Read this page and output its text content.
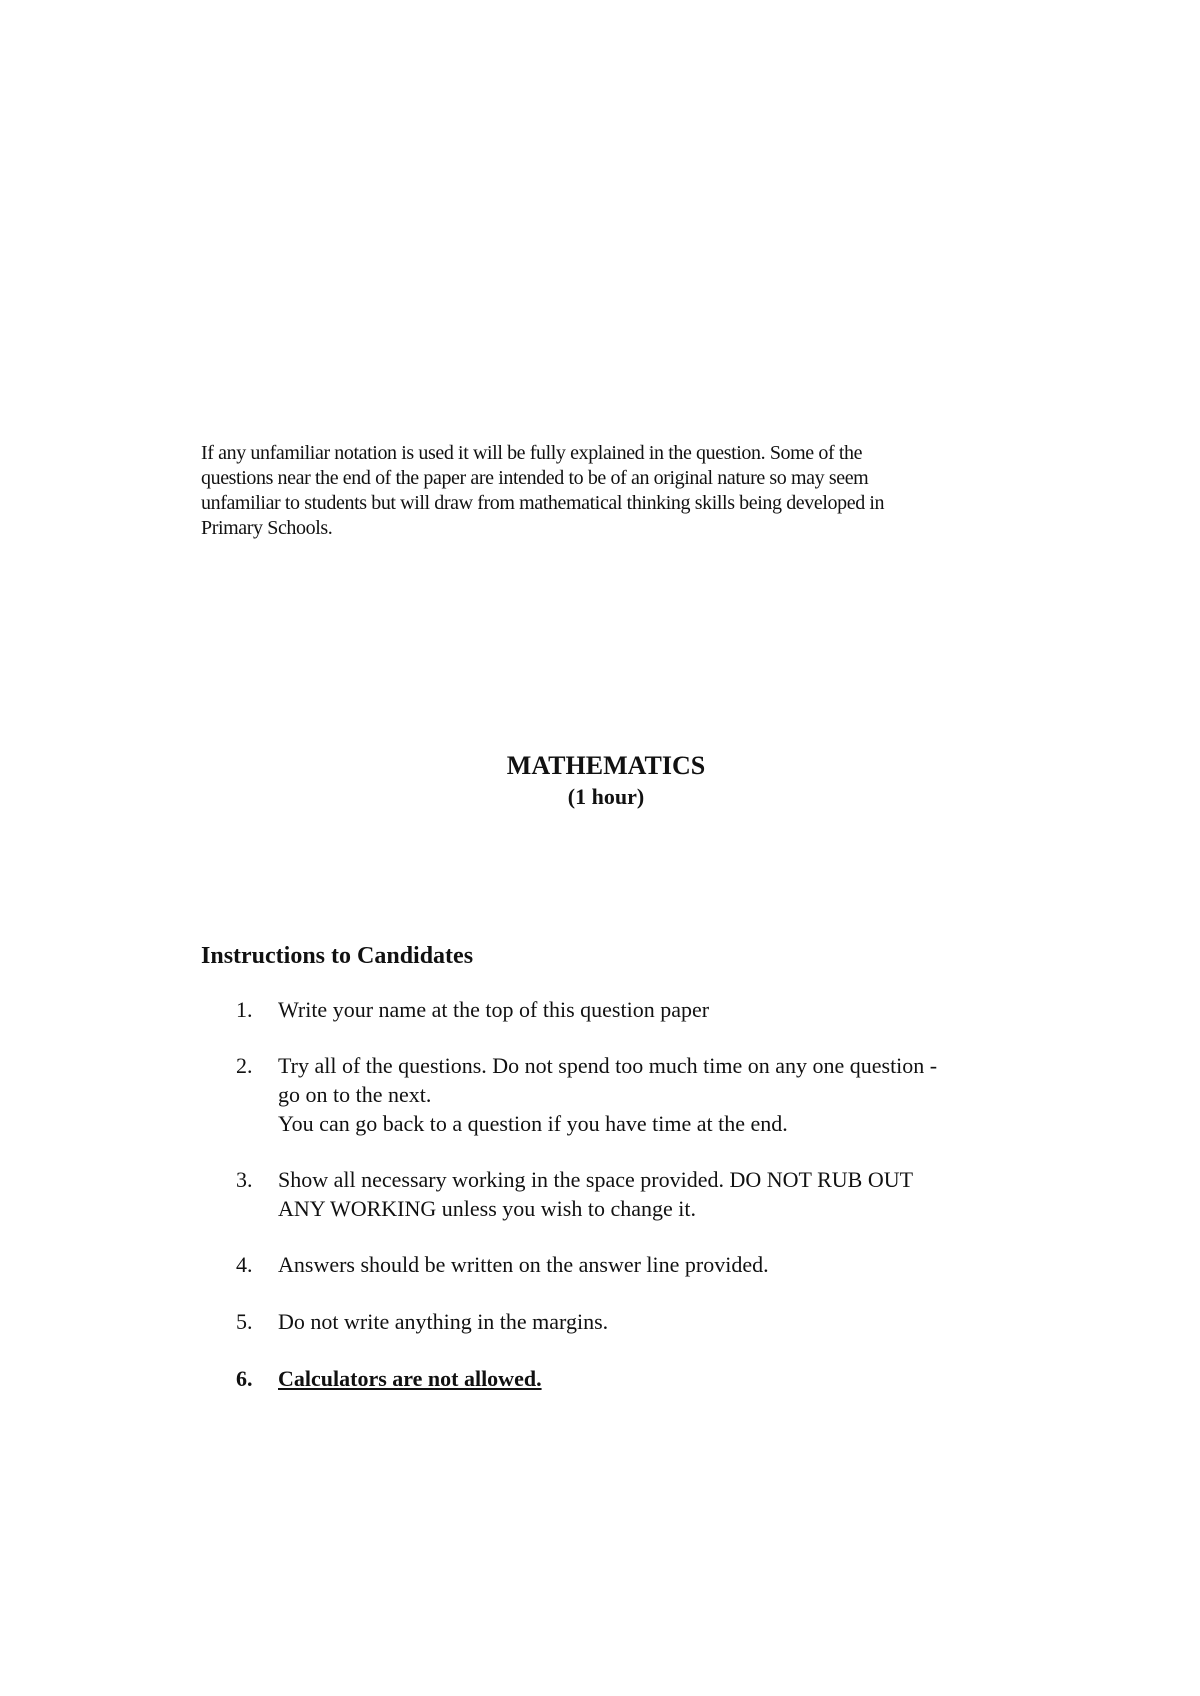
If any unfamiliar notation is used it will be fully explained in the question. Some of the
questions near the end of the paper are intended to be of an original nature so may seem
unfamiliar to students but will draw from mathematical thinking skills being developed in
Primary Schools.

MATHEMATICS

(1 hour)

Instructions to Candidates
1.	Write your name at the top of this question paper
2.	Try all of the questions. Do not spend too much time on any one question -
go on to the next.
You can go back to a question if you have time at the end.
3.	Show all necessary working in the space provided. DO NOT RUB OUT
ANY WORKING unless you wish to change it.
4.	Answers should be written on the answer line provided.
5.	Do not write anything in the margins.
6.	Calculators are not allowed.
